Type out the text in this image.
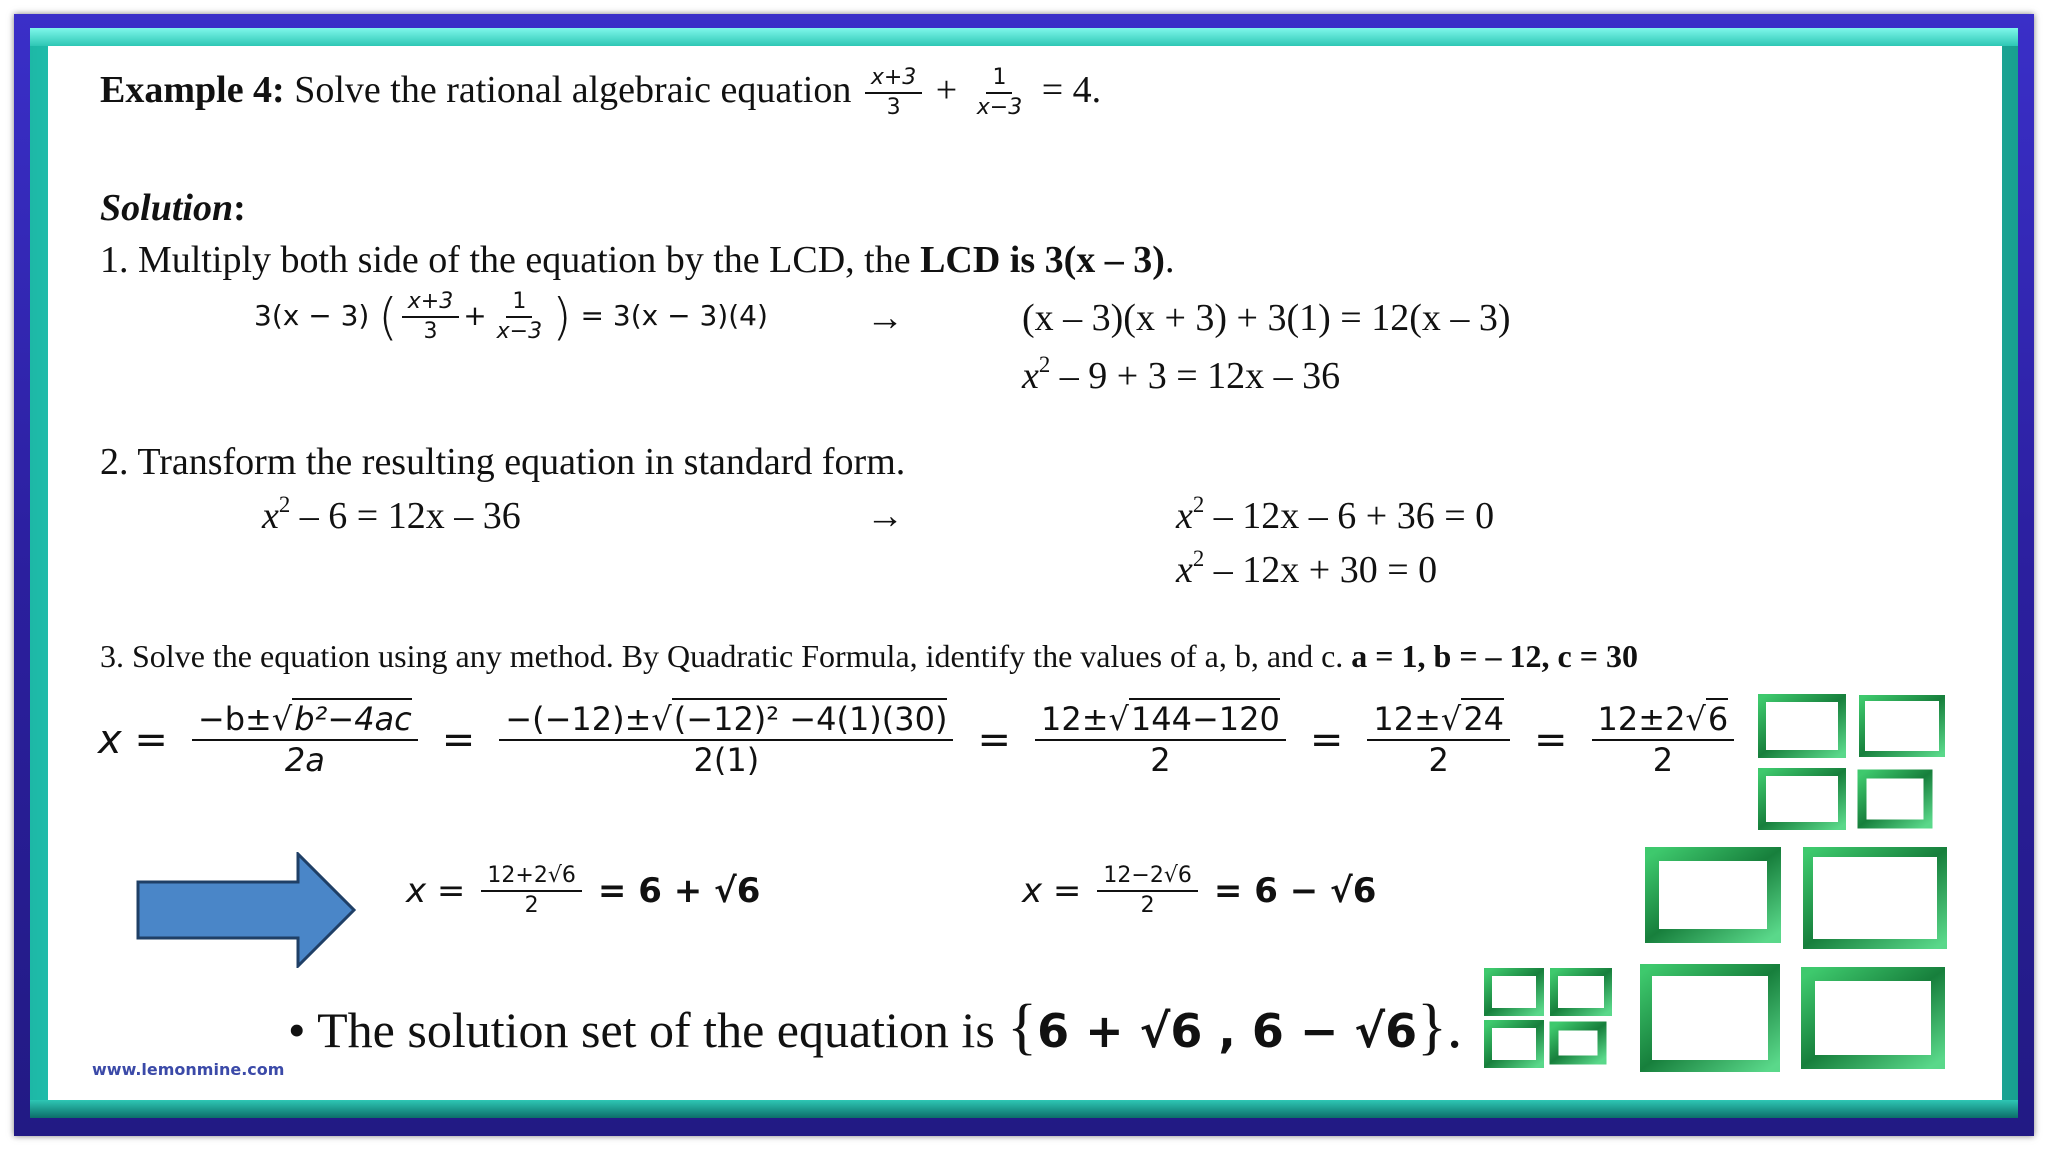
Example 4: Solve the rational algebraic equation $\frac{x+3}{3} + \frac{1}{x-3} = 4$.
Solution:
1. Multiply both side of the equation by the LCD, the LCD is 3(x – 3).
3(x − 3) ( $\frac{x+3}{3} + \frac{1}{x-3}$ ) = 3(x − 3)(4)	→	(x – 3)(x + 3) + 3(1) = 12(x – 3)
$x^2 - 9 + 3 = 12x - 36$
2. Transform the resulting equation in standard form.
$x^2 - 6 = 12x - 36$	→	$x^2 - 12x - 6 + 36 = 0$
$x^2 - 12x + 30 = 0$
3. Solve the equation using any method. By Quadratic Formula, identify the values of a, b, and c. a = 1, b = – 12, c = 30
$x = \frac{\text{−b±√b²−4ac}}{2a} = \frac{\text{−(−12)±√(−12)² −4(1)(30)}}{2(1)} = \frac{12\pm√144-120}{2} = \frac{12\pm√24}{2} = \frac{12\pm 2√6}{2}$
$x = \frac{12+2√6}{2} = 6 + √6$	$x = \frac{12-2√6}{2} = 6 - √6$
• The solution set of the equation is {6 + √6 , 6 − √6}.
www.lemonmine.com
